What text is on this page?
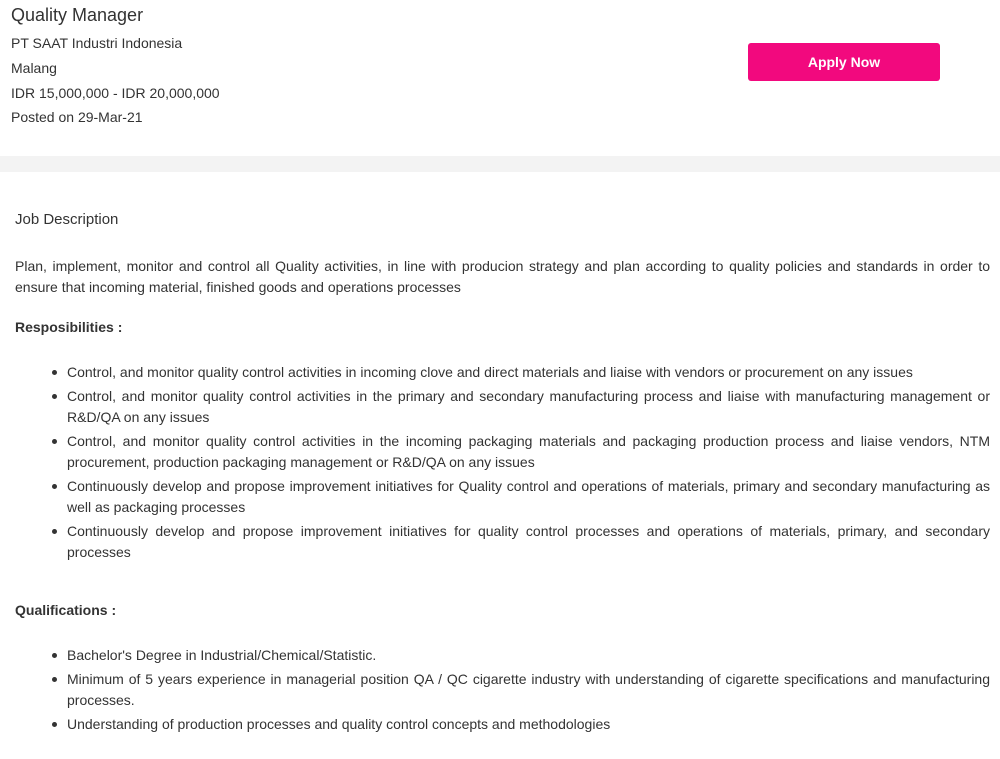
Quality Manager
PT SAAT Industri Indonesia
Malang
IDR 15,000,000 - IDR 20,000,000
Posted on 29-Mar-21
Apply Now
Job Description

Plan, implement, monitor and control all Quality activities, in line with producion strategy and plan according to quality policies and standards in order to ensure that incoming material, finished goods and operations processes

Resposibilities :
Control, and monitor quality control activities in incoming clove and direct materials and liaise with vendors or procurement on any issues
Control, and monitor quality control activities in the primary and secondary manufacturing process and liaise with manufacturing management or R&D/QA on any issues
Control, and monitor quality control activities in the incoming packaging materials and packaging production process and liaise vendors, NTM procurement, production packaging management or R&D/QA on any issues
Continuously develop and propose improvement initiatives for Quality control and operations of materials, primary and secondary manufacturing as well as packaging processes
Continuously develop and propose improvement initiatives for quality control processes and operations of materials, primary, and secondary processes
Qualifications :
Bachelor's Degree in Industrial/Chemical/Statistic.
Minimum of 5 years experience in managerial position QA / QC cigarette industry with understanding of cigarette specifications and manufacturing processes.
Understanding of production processes and quality control concepts and methodologies
